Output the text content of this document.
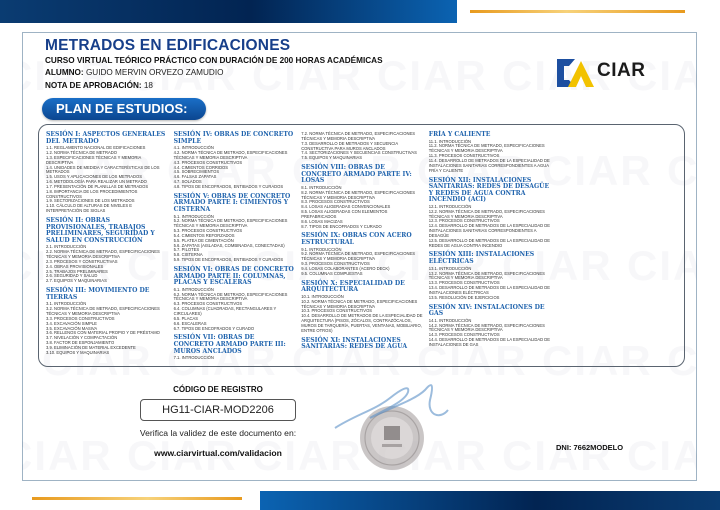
METRADOS EN EDIFICACIONES
CURSO VIRTUAL TEÓRICO PRÁCTICO CON DURACIÓN DE 200 HORAS ACADÉMICAS
ALUMNO: GUIDO MERVIN ORVEZO ZAMUDIO
NOTA DE APROBACIÓN: 18
PLAN DE ESTUDIOS:
CIAR
SESIÓN I: ASPECTOS GENERALES DEL METRADO

1.1. REGLAMENTO NACIONAL DE EDIFICACIONES

1.2. NORMA TÉCNICA DE METRADO

1.3. ESPECIFICACIONES TÉCNICAS Y MEMORIA DESCRIPTIVA

1.4. UNIDADES DE MEDIDA Y CARACTERÍSTICAS DE LOS METRADOS

1.5. USOS Y APLICACIONES DE LOS METRADOS

1.6. METODOLOGÍA PARA REALIZAR UN METRADO

1.7. PRESENTACIÓN DE PLANILLAS DE METRADOS

1.8. IMPORTANCIA DE LOS PROCEDIMIENTOS CONSTRUCTIVOS

1.9. SECTORIZACIONES DE LOS METRADOS

1.10. CÁLCULO DE ALTURAS DE NIVELES E INTERPRETACIÓN DE SIGLAS

SESIÓN II: OBRAS PROVISIONALES, TRABAJOS PRELIMINARES, SEGURIDAD Y SALUD EN CONSTRUCCIÓN

2.1. INTRODUCCIÓN

2.2. NORMA TÉCNICA DE METRADO, ESPECIFICACIONES TÉCNICAS Y MEMORIA DESCRIPTIVA

2.3. PROCESOS Y CONSTRUCTIVAS

2.4. OBRAS PROVISIONALES

2.5. TRABAJOS PRELIMINARES

2.6. SEGURIDAD Y SALUD

2.7. EQUIPOS Y MAQUINARIAS

SESIÓN III: MOVIMIENTO DE TIERRAS

3.1. INTRODUCCIÓN

3.2. NORMA TÉCNICA DE METRADO, ESPECIFICACIONES TÉCNICAS Y MEMORIA DESCRIPTIVA

3.3. PROCESOS CONSTRUCTIVOS

3.4. EXCAVACIÓN SIMPLE

3.5. EXCAVACIÓN MASIVA

3.6. RELLENOS CON MATERIAL PROPIO Y DE PRÉSTAMO

3.7. NIVELACIÓN Y COMPACTACIÓN

3.8. FACTOR DE ESPONJAMIENTO

3.9. ELIMINACIÓN DE MATERIAL EXCEDENTE

3.10. EQUIPOS Y MAQUINARIAS

SESIÓN IV: OBRAS DE CONCRETO SIMPLE

4.1. INTRODUCCIÓN

4.2. NORMA TÉCNICA DE METRADO, ESPECIFICACIONES TÉCNICAS Y MEMORIA DESCRIPTIVA

4.3. PROCESOS CONSTRUCTIVOS

4.4. CIMIENTOS CORRIDOS

4.5. SOBRECIMIENTOS

4.6. FALSAS ZAPATAS

4.7. SOLADOS

4.8. TIPOS DE ENCOFRADOS, ENTIBADOS Y CURADOS

SESIÓN V: OBRAS DE CONCRETO ARMADO PARTE I: CIMIENTOS Y CISTERNA

5.1. INTRODUCCIÓN

5.2. NORMA TÉCNICA DE METRADO, ESPECIFICACIONES TÉCNICAS Y MEMORIA DESCRIPTIVA

5.3. PROCESOS CONSTRUCTIVOS

5.4. CIMIENTOS REFORZADOS

5.5. PLATEA DE CIMENTACIÓN

5.6. ZAPATAS (AISLADAS, COMBINADAS, CONECTADAS)

5.7. PILOTES

5.8. CISTERNA

5.9. TIPOS DE ENCOFRADOS, ENTIBADOS Y CURADOS

SESIÓN VI: OBRAS DE CONCRETO ARMADO PARTE II: COLUMNAS, PLACAS Y ESCALERAS

6.1. INTRODUCCIÓN

6.2. NORMA TÉCNICA DE METRADO, ESPECIFICACIONES TÉCNICAS Y MEMORIA DESCRIPTIVA

6.3. PROCESOS CONSTRUCTIVOS

6.4. COLUMNAS (CUADRADAS, RECTANGULARES Y CIRCULARES)

6.5. PLACAS

6.6. ESCALERAS

6.7. TIPOS DE ENCOFRADOS Y CURADO

SESIÓN VII: OBRAS DE CONCRETO ARMADO PARTE III: MUROS ANCLADOS

7.1. INTRODUCCIÓN

7.2. NORMA TÉCNICA DE METRADO, ESPECIFICACIONES TÉCNICAS Y MEMORIA DESCRIPTIVA

7.3. DESARROLLO DE METRADOS Y SECUENCIA CONSTRUCTIVA PARA MUROS ANCLADOS

7.4. SECTORIZACIONES Y SECUENCIAS CONSTRUCTIVAS

7.5. EQUIPOS Y MAQUINARIAS

SESIÓN VIII: OBRAS DE CONCRETO ARMADO PARTE IV: LOSAS

8.1. INTRODUCCIÓN

8.2. NORMA TÉCNICA DE METRADO, ESPECIFICACIONES TÉCNICAS Y MEMORIA DESCRIPTIVA

8.3. PROCESOS CONSTRUCTIVOS

8.4. LOSAS ALIGERADAS CONVENCIONALES

8.5. LOSAS ALIGERADAS CON ELEMENTOS PREFABRICADOS

8.6. LOSAS MACIZAS

8.7. TIPOS DE ENCOFRADOS Y CURADO

SESIÓN IX: OBRAS CON ACERO ESTRUCTURAL

9.1. INTRODUCCIÓN

9.2. NORMA TÉCNICA DE METRADO, ESPECIFICACIONES TÉCNICAS Y MEMORIA DESCRIPTIVA

9.3. PROCESOS CONSTRUCTIVOS

9.4. LOSAS COLABORANTES (ACERO DECK)

9.5. COLUMNAS COMPUESTAS

SESIÓN X: ESPECIALIDAD DE ARQUITECTURA

10.1. INTRODUCCIÓN

10.2. NORMA TÉCNICA DE METRADO, ESPECIFICACIONES TÉCNICAS Y MEMORIA DESCRIPTIVA

10.3. PROCESOS CONSTRUCTIVOS

10.4. DESARROLLO DE METRADOS DE LA ESPECIALIDAD DE ARQUITECTURA (PISOS, ZÓCALOS, CONTRAZÓCALOS, MUROS DE TARQUERÍA, PUERTAS, VENTANAS, MOBILIARIO, ENTRE OTROS)

SESIÓN XI: INSTALACIONES SANITARIAS: REDES DE AGUA FRÍA Y CALIENTE

11.1. INTRODUCCIÓN

11.2. NORMA TÉCNICA DE METRADO, ESPECIFICACIONES TÉCNICAS Y MEMORIA DESCRIPTIVA

11.3. PROCESOS CONSTRUCTIVOS

11.4. DESARROLLO DE METRADOS DE LA ESPECIALIDAD DE INSTALACIONES SANITARIAS CORRESPONDIENTES A AGUA FRÍA Y CALIENTE

SESIÓN XII: INSTALACIONES SANITARIAS: REDES DE DESAGÜE Y REDES DE AGUA CONTRA INCENDIO (ACI)

12.1. INTRODUCCIÓN

12.2. NORMA TÉCNICA DE METRADO, ESPECIFICACIONES TÉCNICAS Y MEMORIA DESCRIPTIVA

12.3. PROCESOS CONSTRUCTIVOS

12.4. DESARROLLO DE METRADOS DE LA ESPECIALIDAD DE INSTALACIONES SANITARIAS CORRESPONDIENTES A DESAGÜE

12.5. DESARROLLO DE METRADOS DE LA ESPECIALIDAD DE REDES DE AGUA CONTRA INCENDIO

SESIÓN XIII: INSTALACIONES ELÉCTRICAS

13.1. INTRODUCCIÓN

13.2. NORMA TÉCNICA DE METRADO, ESPECIFICACIONES TÉCNICAS Y MEMORIA DESCRIPTIVA

13.3. PROCESOS CONSTRUCTIVOS

13.4. DESARROLLO DE METRADOS DE LA ESPECIALIDAD DE INSTALACIONES ELÉCTRICAS

13.5. RESOLUCIÓN DE EJERCICIOS

SESIÓN XIV: INSTALACIONES DE GAS

14.1. INTRODUCCIÓN

14.2. NORMA TÉCNICA DE METRADO, ESPECIFICACIONES TÉCNICAS Y MEMORIA DESCRIPTIVA

14.3. PROCESOS CONSTRUCTIVOS

14.4. DESARROLLO DE METRADOS DE LA ESPECIALIDAD DE INSTALACIONES DE GAS

CÓDIGO DE REGISTRO
HG11-CIAR-MOD2206
Verifica la validez de este documento en:
www.ciarvirtual.com/validacion
DNI: 7662MODELO
